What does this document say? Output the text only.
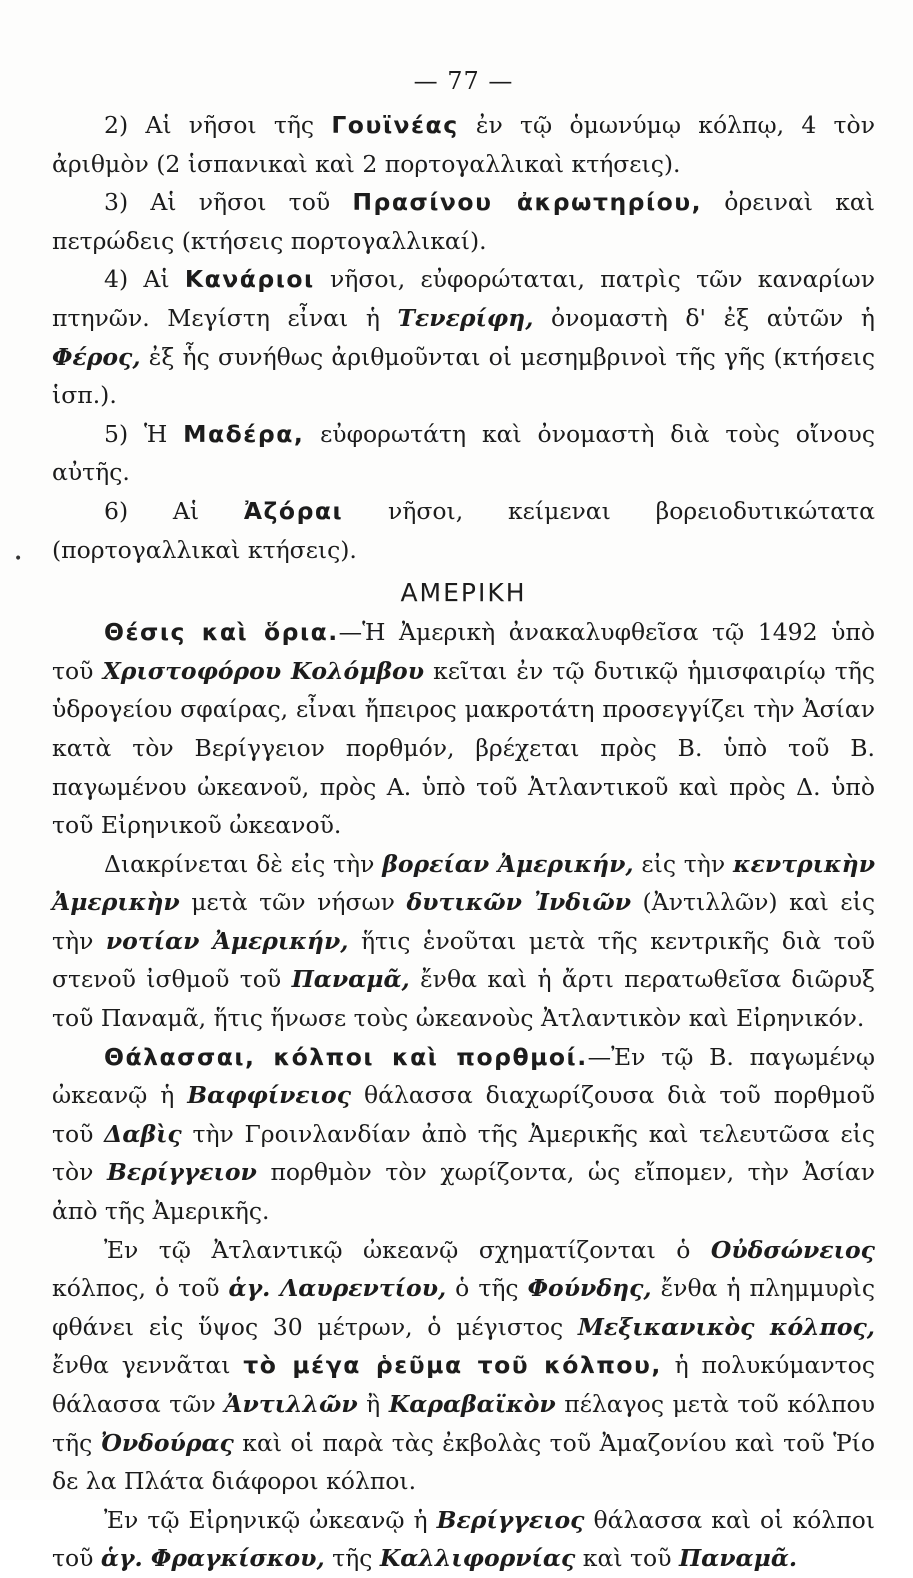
— 77 —

2) Αἱ νῆσοι τῆς Γουϊνέας ἐν τῷ ὁμωνύμῳ κόλπῳ, 4 τὸν ἀριθμὸν (2 ἱσπανικαὶ καὶ 2 πορτογαλλικαὶ κτήσεις).

3) Αἱ νῆσοι τοῦ Πρασίνου ἀκρωτηρίου, ὀρειναὶ καὶ πετρώδεις (κτήσεις πορτογαλλικαί).

4) Αἱ Κανάριοι νῆσοι, εὐφορώταται, πατρὶς τῶν καναρίων πτηνῶν. Μεγίστη εἶναι ἡ Τενερίφη, ὀνομαστὴ δ' ἐξ αὐτῶν ἡ Φέρος, ἐξ ἧς συνήθως ἀριθμοῦνται οἱ μεσημβρινοὶ τῆς γῆς (κτήσεις ἱσπ.).

5) Ἡ Μαδέρα, εὐφορωτάτη καὶ ὀνομαστὴ διὰ τοὺς οἴνους αὐτῆς.

6) Αἱ Ἀζόραι νῆσοι, κείμεναι βορειοδυτικώτατα (πορτογαλλικαὶ κτήσεις).

ΑΜΕΡΙΚΗ
•

Θέσις καὶ ὅρια.—Ἡ Ἀμερικὴ ἀνακαλυφθεῖσα τῷ 1492 ὑπὸ τοῦ Χριστοφόρου Κολόμβου κεῖται ἐν τῷ δυτικῷ ἡμισφαιρίῳ τῆς ὑδρογείου σφαίρας, εἶναι ἤπειρος μακροτάτη προσεγγίζει τὴν Ἀσίαν κατὰ τὸν Βερίγγειον πορθμόν, βρέχεται πρὸς Β. ὑπὸ τοῦ Β. παγωμένου ὠκεανοῦ, πρὸς Α. ὑπὸ τοῦ Ἀτλαντικοῦ καὶ πρὸς Δ. ὑπὸ τοῦ Εἰρηνικοῦ ὠκεανοῦ.

Διακρίνεται δὲ εἰς τὴν βορείαν Ἀμερικήν, εἰς τὴν κεντρικὴν Ἀμερικὴν μετὰ τῶν νήσων δυτικῶν Ἰνδιῶν (Ἀντιλλῶν) καὶ εἰς τὴν νοτίαν Ἀμερικήν, ἥτις ἑνοῦται μετὰ τῆς κεντρικῆς διὰ τοῦ στενοῦ ἰσθμοῦ τοῦ Παναμᾶ, ἔνθα καὶ ἡ ἄρτι περατωθεῖσα διῶρυξ τοῦ Παναμᾶ, ἥτις ἥνωσε τοὺς ὠκεανοὺς Ἀτλαντικὸν καὶ Εἰρηνικόν.

Θάλασσαι, κόλποι καὶ πορθμοί.—Ἐν τῷ Β. παγωμένῳ ὠκεανῷ ἡ Βαφφίνειος θάλασσα διαχωρίζουσα διὰ τοῦ πορθμοῦ τοῦ Δαβὶς τὴν Γροινλανδίαν ἀπὸ τῆς Ἀμερικῆς καὶ τελευτῶσα εἰς τὸν Βερίγγειον πορθμὸν τὸν χωρίζοντα, ὡς εἴπομεν, τὴν Ἀσίαν ἀπὸ τῆς Ἀμερικῆς.

Ἐν τῷ Ἀτλαντικῷ ὠκεανῷ σχηματίζονται ὁ Οὐδσώνειος κόλπος, ὁ τοῦ ἁγ. Λαυρεντίου, ὁ τῆς Φούνδης, ἔνθα ἡ πλημμυρὶς φθάνει εἰς ὕψος 30 μέτρων, ὁ μέγιστος Μεξικανικὸς κόλπος, ἔνθα γεννᾶται τὸ μέγα ῥεῦμα τοῦ κόλπου, ἡ πολυκύμαντος θάλασσα τῶν Ἀντιλλῶν ἢ Καραβαϊκὸν πέλαγος μετὰ τοῦ κόλπου τῆς Ὀνδούρας καὶ οἱ παρὰ τὰς ἐκβολὰς τοῦ Ἀμαζονίου καὶ τοῦ Ῥίο δε λα Πλάτα διάφοροι κόλποι.

Ἐν τῷ Εἰρηνικῷ ὠκεανῷ ἡ Βερίγγειος θάλασσα καὶ οἱ κόλποι τοῦ ἁγ. Φραγκίσκου, τῆς Καλλιφορνίας καὶ τοῦ Παναμᾶ.
